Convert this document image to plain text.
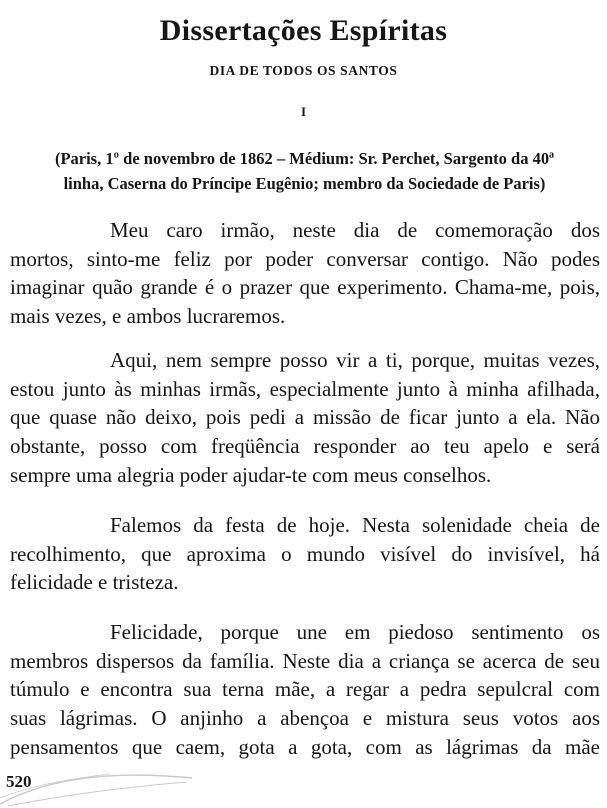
Dissertações Espíritas
DIA DE TODOS OS SANTOS
I
(Paris, 1º de novembro de 1862 – Médium: Sr. Perchet, Sargento da 40ª
linha, Caserna do Príncipe Eugênio; membro da Sociedade de Paris)
Meu caro irmão, neste dia de comemoração dos
mortos, sinto-me feliz por poder conversar contigo. Não podes
imaginar quão grande é o prazer que experimento. Chama-me, pois,
mais vezes, e ambos lucraremos.
Aqui, nem sempre posso vir a ti, porque, muitas vezes,
estou junto às minhas irmãs, especialmente junto à minha afilhada,
que quase não deixo, pois pedi a missão de ficar junto a ela. Não
obstante, posso com freqüência responder ao teu apelo e será
sempre uma alegria poder ajudar-te com meus conselhos.
Falemos da festa de hoje. Nesta solenidade cheia de
recolhimento, que aproxima o mundo visível do invisível, há
felicidade e tristeza.
Felicidade, porque une em piedoso sentimento os
membros dispersos da família. Neste dia a criança se acerca de seu
túmulo e encontra sua terna mãe, a regar a pedra sepulcral com
suas lágrimas. O anjinho a abençoa e mistura seus votos aos
pensamentos que caem, gota a gota, com as lágrimas da mãe
520
